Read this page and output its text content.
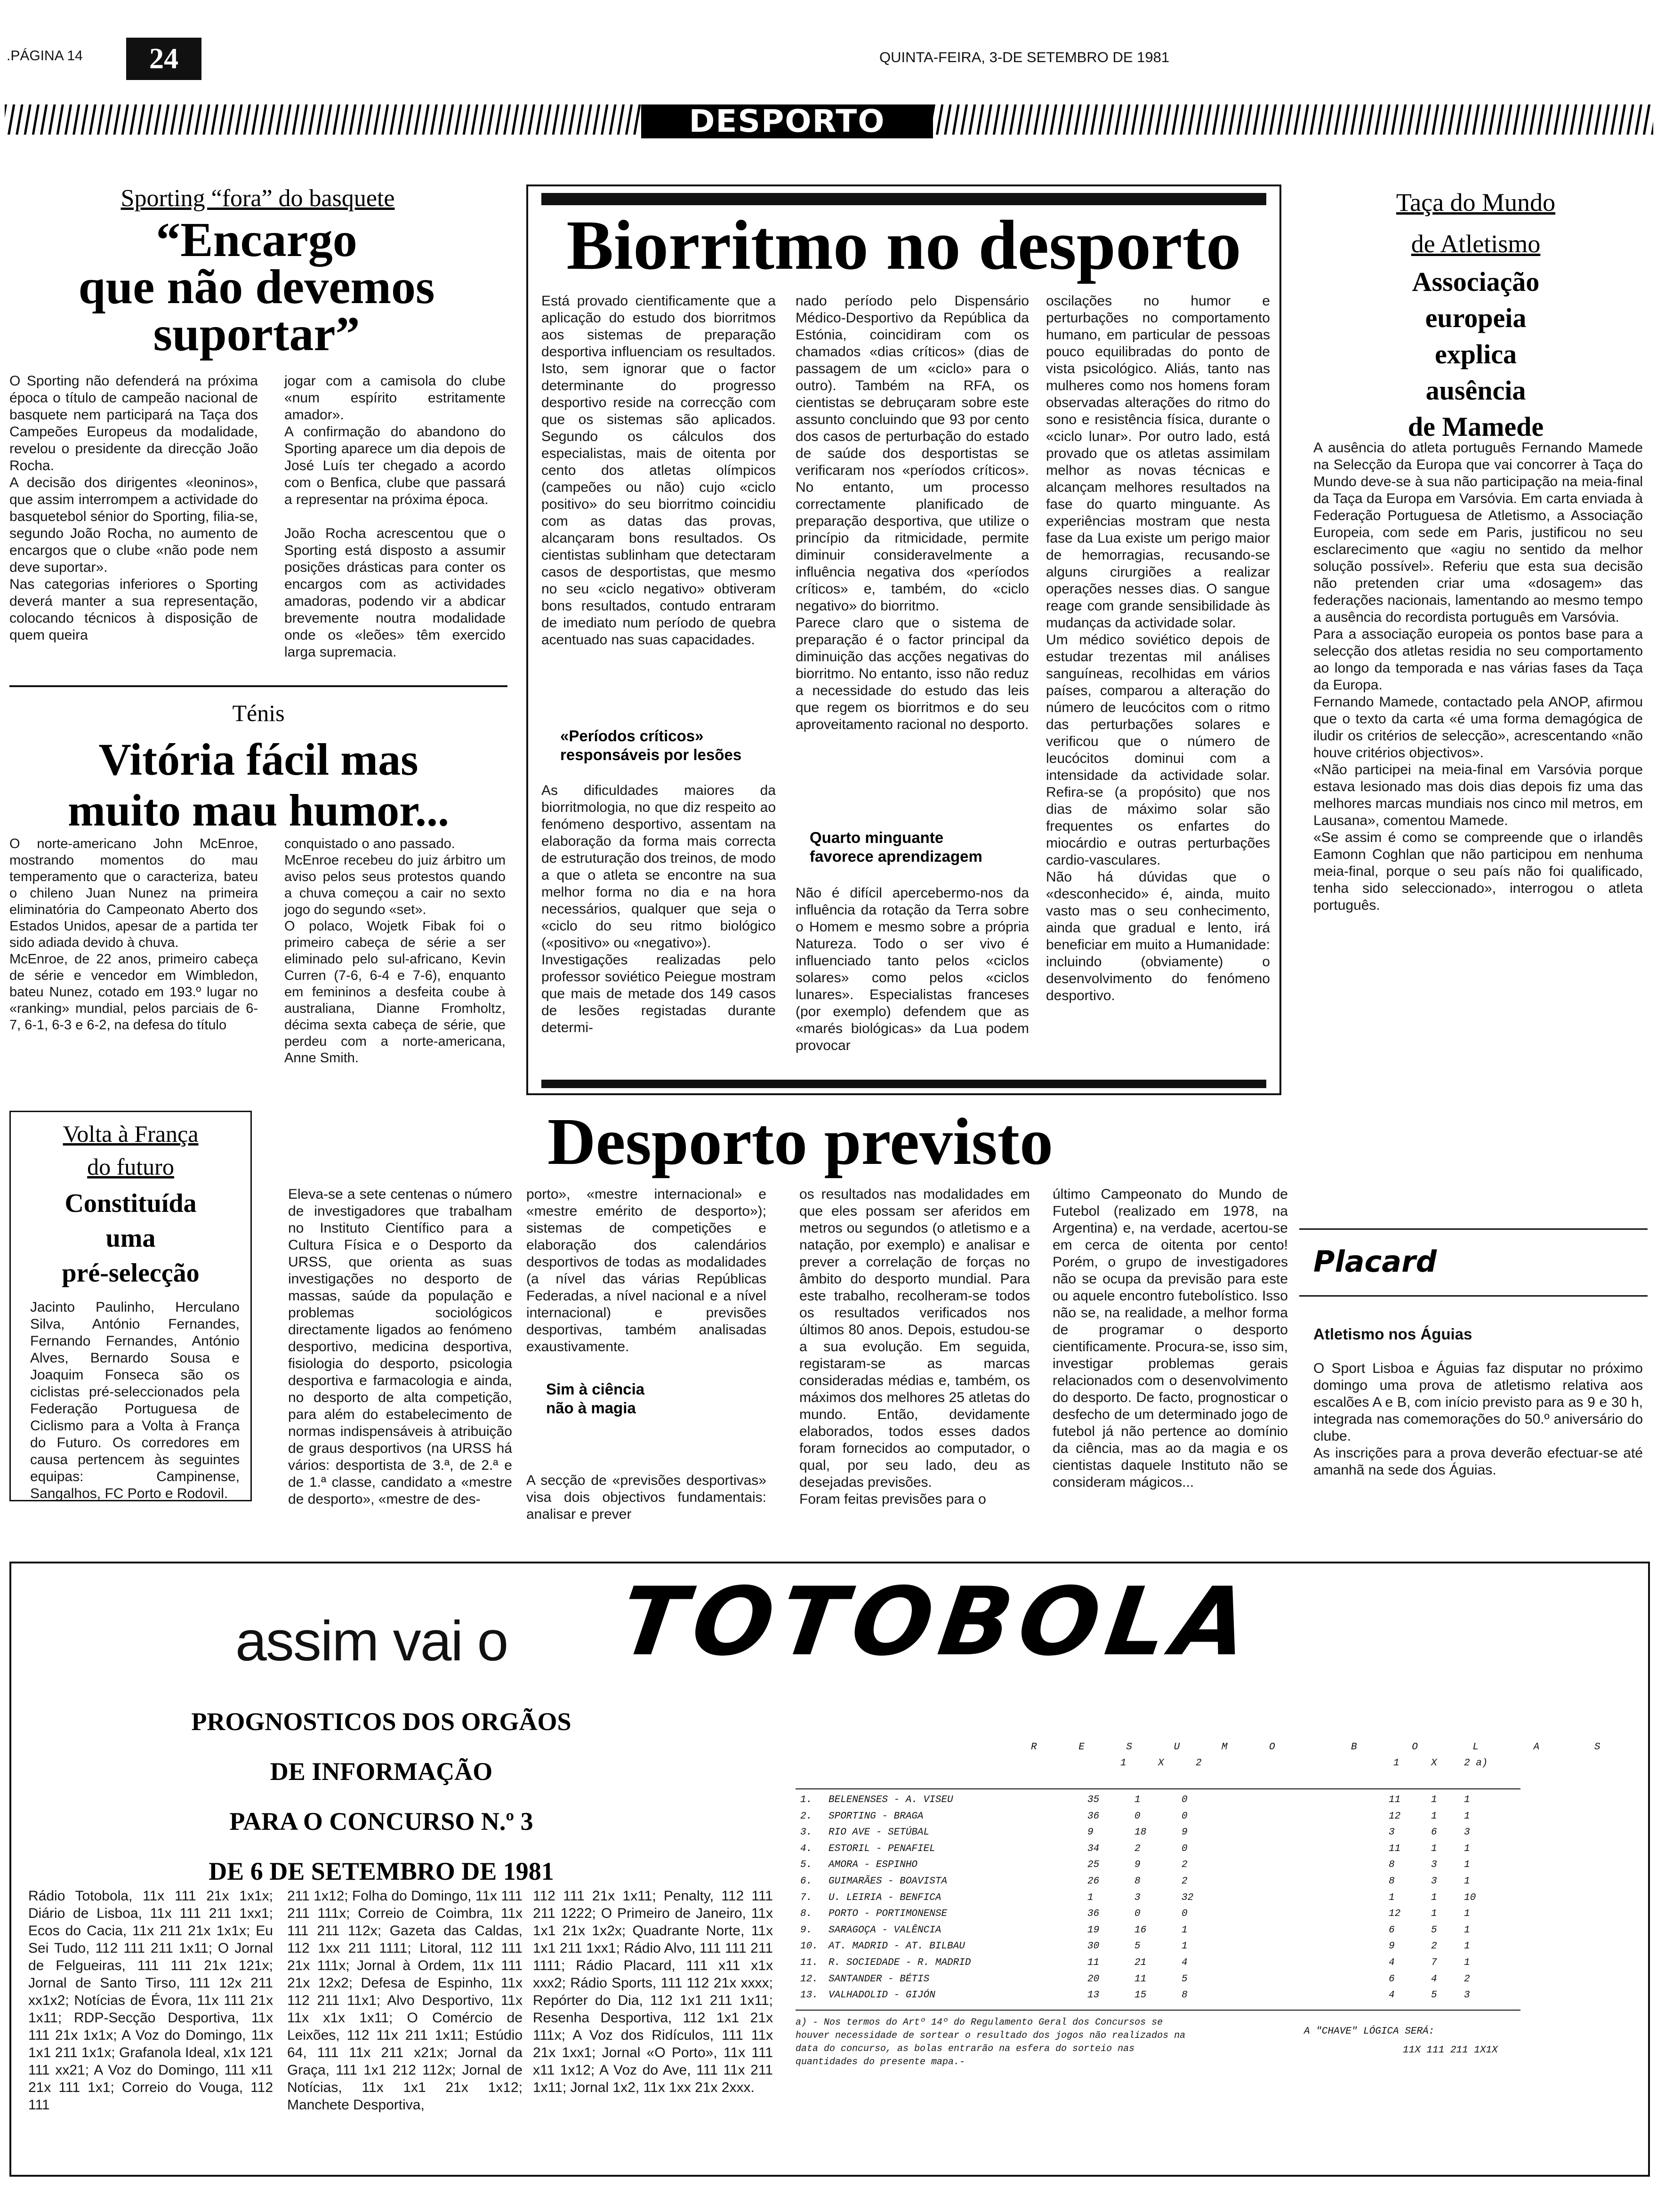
.PÁGINA 14	24	QUINTA-FEIRA, 3-DE SETEMBRO DE 1981
DESPORTO
Sporting “fora” do basquete
“Encargo
que não devemos
suportar”
O Sporting não defenderá na próxima época o título de campeão nacional de basquete nem participará na Taça dos Campeões Europeus da modalidade, revelou o presidente da direcção João Rocha.
A decisão dos dirigentes «leoninos», que assim interrompem a actividade do basquetebol sénior do Sporting, filia-se, segundo João Rocha, no aumento de encargos que o clube «não pode nem deve suportar».
Nas categorias inferiores o Sporting deverá manter a sua representação, colocando técnicos à disposição de quem queira
jogar com a camisola do clube «num espírito estritamente amador».
A confirmação do abandono do Sporting aparece um dia depois de José Luís ter chegado a acordo com o Benfica, clube que passará a representar na próxima época.

João Rocha acrescentou que o Sporting está disposto a assumir posições drásticas para conter os encargos com as actividades amadoras, podendo vir a abdicar brevemente noutra modalidade onde os «leões» têm exercido larga supremacia.
Ténis
Vitória fácil mas
muito mau humor...
O norte-americano John McEnroe, mostrando momentos do mau temperamento que o caracteriza, bateu o chileno Juan Nunez na primeira eliminatória do Campeonato Aberto dos Estados Unidos, apesar de a partida ter sido adiada devido à chuva.
McEnroe, de 22 anos, primeiro cabeça de série e vencedor em Wimbledon, bateu Nunez, cotado em 193.º lugar no «ranking» mundial, pelos parciais de 6-7, 6-1, 6-3 e 6-2, na defesa do título
conquistado o ano passado.
McEnroe recebeu do juiz árbitro um aviso pelos seus protestos quando a chuva começou a cair no sexto jogo do segundo «set».
O polaco, Wojetk Fibak foi o primeiro cabeça de série a ser eliminado pelo sul-africano, Kevin Curren (7-6, 6-4 e 7-6), enquanto em femininos a desfeita coube à australiana, Dianne Fromholtz, décima sexta cabeça de série, que perdeu com a norte-americana, Anne Smith.
Biorritmo no desporto
Está provado cientificamente que a aplicação do estudo dos biorritmos aos sistemas de preparação desportiva influenciam os resultados. Isto, sem ignorar que o factor determinante do progresso desportivo reside na correcção com que os sistemas são aplicados. Segundo os cálculos dos especialistas, mais de oitenta por cento dos atletas olímpicos (campeões ou não) cujo «ciclo positivo» do seu biorritmo coincidiu com as datas das provas, alcançaram bons resultados. Os cientistas sublinham que detectaram casos de desportistas, que mesmo no seu «ciclo negativo» obtiveram bons resultados, contudo entraram de imediato num período de quebra acentuado nas suas capacidades.
«Períodos críticos»
responsáveis por lesões
As dificuldades maiores da biorritmologia, no que diz respeito ao fenómeno desportivo, assentam na elaboração da forma mais correcta de estruturação dos treinos, de modo a que o atleta se encontre na sua melhor forma no dia e na hora necessários, qualquer que seja o «ciclo do seu ritmo biológico («positivo» ou «negativo»).
Investigações realizadas pelo professor soviético Peiegue mostram que mais de metade dos 149 casos de lesões registadas durante determi-
nado período pelo Dispensário Médico-Desportivo da República da Estónia, coincidiram com os chamados «dias críticos» (dias de passagem de um «ciclo» para o outro). Também na RFA, os cientistas se debruçaram sobre este assunto concluindo que 93 por cento dos casos de perturbação do estado de saúde dos desportistas se verificaram nos «períodos críticos». No entanto, um processo correctamente planificado de preparação desportiva, que utilize o princípio da ritmicidade, permite diminuir consideravelmente a influência negativa dos «períodos críticos» e, também, do «ciclo negativo» do biorritmo.
Parece claro que o sistema de preparação é o factor principal da diminuição das acções negativas do biorritmo. No entanto, isso não reduz a necessidade do estudo das leis que regem os biorritmos e do seu aproveitamento racional no desporto.
Quarto minguante
favorece aprendizagem
Não é difícil apercebermo-nos da influência da rotação da Terra sobre o Homem e mesmo sobre a própria Natureza. Todo o ser vivo é influenciado tanto pelos «ciclos solares» como pelos «ciclos lunares». Especialistas franceses (por exemplo) defendem que as «marés biológicas» da Lua podem provocar
oscilações no humor e perturbações no comportamento humano, em particular de pessoas pouco equilibradas do ponto de vista psicológico. Aliás, tanto nas mulheres como nos homens foram observadas alterações do ritmo do sono e resistência física, durante o «ciclo lunar». Por outro lado, está provado que os atletas assimilam melhor as novas técnicas e alcançam melhores resultados na fase do quarto minguante. As experiências mostram que nesta fase da Lua existe um perigo maior de hemorragias, recusando-se alguns cirurgiões a realizar operações nesses dias. O sangue reage com grande sensibilidade às mudanças da actividade solar.
Um médico soviético depois de estudar trezentas mil análises sanguíneas, recolhidas em vários países, comparou a alteração do número de leucócitos com o ritmo das perturbações solares e verificou que o número de leucócitos dominui com a intensidade da actividade solar. Refira-se (a propósito) que nos dias de máximo solar são frequentes os enfartes do miocárdio e outras perturbações cardio-vasculares.
Não há dúvidas que o «desconhecido» é, ainda, muito vasto mas o seu conhecimento, ainda que gradual e lento, irá beneficiar em muito a Humanidade: incluindo (obviamente) o desenvolvimento do fenómeno desportivo.
Volta à França
do futuro
Constituída
uma
pré-selecção
Jacinto Paulinho, Herculano Silva, António Fernandes, Fernando Fernandes, António Alves, Bernardo Sousa e Joaquim Fonseca são os ciclistas pré-seleccionados pela Federação Portuguesa de Ciclismo para a Volta à França do Futuro. Os corredores em causa pertencem às seguintes equipas: Campinense, Sangalhos, FC Porto e Rodovil.
Desporto previsto
Eleva-se a sete centenas o número de investigadores que trabalham no Instituto Científico para a Cultura Física e o Desporto da URSS, que orienta as suas investigações no desporto de massas, saúde da população e problemas sociológicos directamente ligados ao fenómeno desportivo, medicina desportiva, fisiologia do desporto, psicologia desportiva e farmacologia e ainda, no desporto de alta competição, para além do estabelecimento de normas indispensáveis à atribuição de graus desportivos (na URSS há vários: desportista de 3.ª, de 2.ª e de 1.ª classe, candidato a «mestre de desporto», «mestre de des-
porto», «mestre internacional» e «mestre emérito de desporto»); sistemas de competições e elaboração dos calendários desportivos de todas as modalidades (a nível das várias Repúblicas Federadas, a nível nacional e a nível internacional) e previsões desportivas, também analisadas exaustivamente.
Sim à ciência
não à magia
A secção de «previsões desportivas» visa dois objectivos fundamentais: analisar e prever
os resultados nas modalidades em que eles possam ser aferidos em metros ou segundos (o atletismo e a natação, por exemplo) e analisar e prever a correlação de forças no âmbito do desporto mundial. Para este trabalho, recolheram-se todos os resultados verificados nos últimos 80 anos. Depois, estudou-se a sua evolução. Em seguida, registaram-se as marcas consideradas médias e, também, os máximos dos melhores 25 atletas do mundo. Então, devidamente elaborados, todos esses dados foram fornecidos ao computador, o qual, por seu lado, deu as desejadas previsões.
Foram feitas previsões para o
último Campeonato do Mundo de Futebol (realizado em 1978, na Argentina) e, na verdade, acertou-se em cerca de oitenta por cento! Porém, o grupo de investigadores não se ocupa da previsão para este ou aquele encontro futebolístico. Isso não se, na realidade, a melhor forma de programar o desporto cientificamente. Procura-se, isso sim, investigar problemas gerais relacionados com o desenvolvimento do desporto. De facto, prognosticar o desfecho de um determinado jogo de futebol já não pertence ao domínio da ciência, mas ao da magia e os cientistas daquele Instituto não se consideram mágicos...
Taça do Mundo
de Atletismo
Associação
europeia
explica
ausência
de Mamede
A ausência do atleta português Fernando Mamede na Selecção da Europa que vai concorrer à Taça do Mundo deve-se à sua não participação na meia-final da Taça da Europa em Varsóvia. Em carta enviada à Federação Portuguesa de Atletismo, a Associação Europeia, com sede em Paris, justificou no seu esclarecimento que «agiu no sentido da melhor solução possível». Referiu que esta sua decisão não pretenden criar uma «dosagem» das federações nacionais, lamentando ao mesmo tempo a ausência do recordista português em Varsóvia.
Para a associação europeia os pontos base para a selecção dos atletas residia no seu comportamento ao longo da temporada e nas várias fases da Taça da Europa.
Fernando Mamede, contactado pela ANOP, afirmou que o texto da carta «é uma forma demagógica de iludir os critérios de selecção», acrescentando «não houve critérios objectivos».
«Não participei na meia-final em Varsóvia porque estava lesionado mas dois dias depois fiz uma das melhores marcas mundiais nos cinco mil metros, em Lausana», comentou Mamede.
«Se assim é como se compreende que o irlandês Eamonn Coghlan que não participou em nenhuma meia-final, porque o seu país não foi qualificado, tenha sido seleccionado», interrogou o atleta português.
Placard
Atletismo nos Águias
O Sport Lisboa e Águias faz disputar no próximo domingo uma prova de atletismo relativa aos escalões A e B, com início previsto para as 9 e 30 h, integrada nas comemorações do 50.º aniversário do clube.
As inscrições para a prova deverão efectuar-se até amanhã na sede dos Águias.
assim vai o TOTOBOLA
PROGNOSTICOS DOS ORGÃOS
DE INFORMAÇÃO
PARA O CONCURSO N.º 3
DE 6 DE SETEMBRO DE 1981
Rádio Totobola, 11x 111 21x 1x1x; Diário de Lisboa, 11x 111 211 1xx1; Ecos do Cacia, 11x 211 21x 1x1x; Eu Sei Tudo, 112 111 211 1x11; O Jornal de Felgueiras, 111 111 21x 121x; Jornal de Santo Tirso, 111 12x 211 xx1x2; Notícias de Évora, 11x 111 21x 1x11; RDP-Secção Desportiva, 11x 111 21x 1x1x; A Voz do Domingo, 11x 1x1 211 1x1x; Grafanola Ideal, x1x 121 111 xx21; A Voz do Domingo, 111 x11 21x 111 1x1; Correio do Vouga, 112 111
211 1x12; Folha do Domingo, 11x 111 211 111x; Correio de Coimbra, 11x 111 211 112x; Gazeta das Caldas, 112 1xx 211 1111; Litoral, 112 111 21x 111x; Jornal à Ordem, 11x 111 21x 12x2; Defesa de Espinho, 11x 112 211 11x1; Alvo Desportivo, 11x 11x x1x 1x11; O Comércio de Leixões, 112 11x 211 1x11; Estúdio 64, 111 11x 211 x21x; Jornal da Graça, 111 1x1 212 112x; Jornal de Notícias, 11x 1x1 21x 1x12; Manchete Desportiva,
112 111 21x 1x11; Penalty, 112 111 211 1222; O Primeiro de Janeiro, 11x 1x1 21x 1x2x; Quadrante Norte, 11x 1x1 211 1xx1; Rádio Alvo, 111 111 211 1111; Rádio Placard, 111 x11 x1x xxx2; Rádio Sports, 111 112 21x xxxx; Repórter do Dia, 112 1x1 211 1x11; Resenha Desportiva, 112 1x1 21x 111x; A Voz dos Ridículos, 111 11x 21x 1xx1; Jornal «O Porto», 11x 111 x11 1x12; A Voz do Ave, 111 11x 211 1x11; Jornal 1x2, 11x 1xx 21x 2xxx.
R E S U M O	B O L A S
1	X	2	1	X	2 a)
1. BELENENSES - A. VISEU	35	1	0	11	1	1
2. SPORTING - BRAGA	36	0	0	12	1	1
3. RIO AVE - SETÚBAL	9	18	9	3	6	3
4. ESTORIL - PENAFIEL	34	2	0	11	1	1
5. AMORA - ESPINHO	25	9	2	8	3	1
6. GUIMARÃES - BOAVISTA	26	8	2	8	3	1
7. U. LEIRIA - BENFICA	1	3	32	1	1	10
8. PORTO - PORTIMONENSE	36	0	0	12	1	1
9. SARAGOÇA - VALÊNCIA	19	16	1	6	5	1
10. AT. MADRID - AT. BILBAU	30	5	1	9	2	1
11. R. SOCIEDADE - R. MADRID	11	21	4	4	7	1
12. SANTANDER - BÉTIS	20	11	5	6	4	2
13. VALHADOLID - GIJÓN	13	15	8	4	5	3
a) - Nos termos do Artº 14º do Regulamento Geral dos Concursos se houver necessidade de sortear o resultado dos jogos não realizados na data do concurso, as bolas entrarão na esfera do sorteio nas quantidades do presente mapa.-
A "CHAVE" LÓGICA SERÁ:
11X 111 211 1X1X
